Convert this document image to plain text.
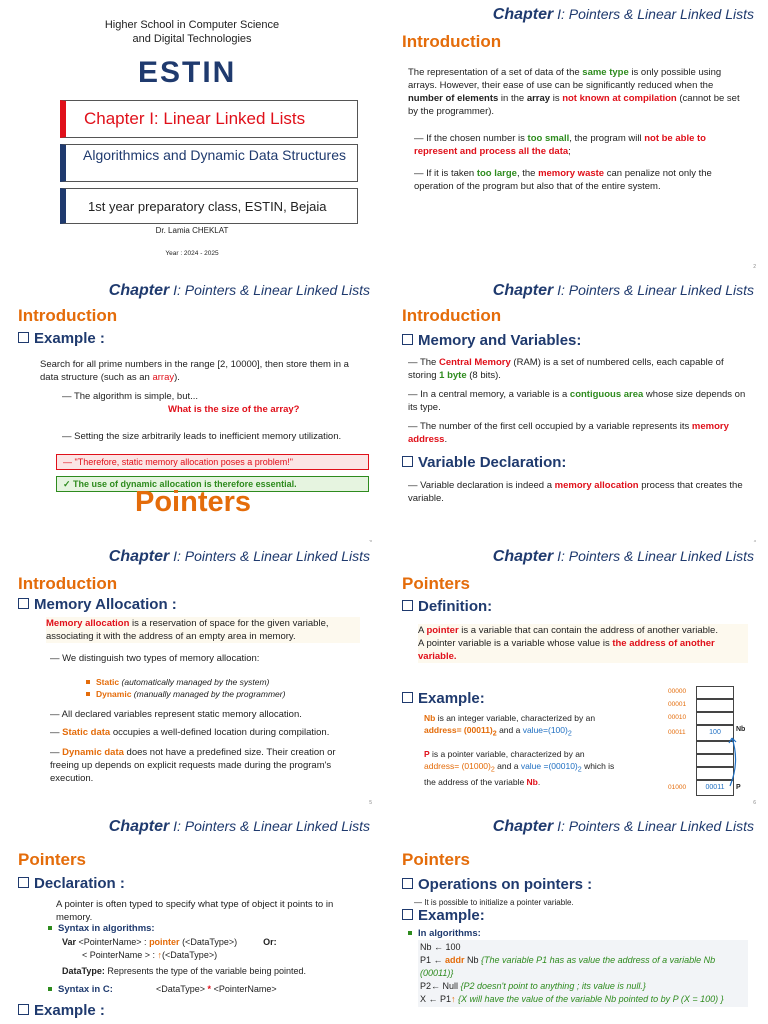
Higher School in Computer Science
and Digital Technologies
ESTIN
Chapter I: Linear Linked Lists
Algorithmics and Dynamic Data Structures
1st year preparatory class, ESTIN, Bejaia
Dr. Lamia CHEKLAT
Year : 2024 - 2025
Chapter I: Pointers & Linear Linked Lists
Introduction
The representation of a set of data of the same type is only possible using arrays. However, their ease of use can be significantly reduced when the number of elements in the array is not known at compilation (cannot be set by the programmer).
— If the chosen number is too small, the program will not be able to represent and process all the data;
— If it is taken too large, the memory waste can penalize not only the operation of the program but also that of the entire system.
2
Chapter I: Pointers & Linear Linked Lists
Introduction
Example :
Search for all prime numbers in the range [2, 10000], then store them in a data structure (such as an array).
— The algorithm is simple, but...
What is the size of the array?
— Setting the size arbitrarily leads to inefficient memory utilization.
— "Therefore, static memory allocation poses a problem!"
✓ The use of dynamic allocation is therefore essential.
Pointers
Chapter I: Pointers & Linear Linked Lists
Introduction
Memory and Variables:
— The Central Memory (RAM) is a set of numbered cells, each capable of storing 1 byte (8 bits).
— In a central memory, a variable is a contiguous area whose size depends on its type.
— The number of the first cell occupied by a variable represents its memory address.
Variable Declaration:
— Variable declaration is indeed a memory allocation process that creates the variable.
Chapter I: Pointers & Linear Linked Lists
Introduction
Memory Allocation :
Memory allocation is a reservation of space for the given variable, associating it with the address of an empty area in memory.
— We distinguish two types of memory allocation:
Static (automatically managed by the system)
Dynamic (manually managed by the programmer)
— All declared variables represent static memory allocation.
— Static data occupies a well-defined location during compilation.
— Dynamic data does not have a predefined size. Their creation or freeing up depends on explicit requests made during the program's execution.
5
Chapter I: Pointers & Linear Linked Lists
Pointers
Definition:
A pointer is a variable that can contain the address of another variable.
A pointer variable is a variable whose value is the address of another variable.
Example:
Nb is an integer variable, characterized by an address= $(00011)_2$ and a $value=(100)_2$
P is a pointer variable, characterized by an address= $(01000)_2$ and a value $=(00010)_2$ which is the address of the variable Nb.
00000
00001
00010
00011
01000
100
00011
Nb
P
6
Chapter I: Pointers & Linear Linked Lists
Pointers
Declaration :
A pointer is often typed to specify what type of object it points to in memory.
Syntax in algorithms:
Var <PointerName> : pointer (<DataType>)	Or:
< PointerName > : ↑(<DataType>)
DataType: Represents the type of the variable being pointed.
Syntax in C:	<DataType> * <PointerName>
Example :
Chapter I: Pointers & Linear Linked Lists
Pointers
Operations on pointers :
— It is possible to initialize a pointer variable.
Example:
In algorithms:
Nb ← 100
P1 ← addr Nb {The variable P1 has as value the address of a variable Nb (00011)}
P2← Null {P2 doesn't point to anything ; its value is null.}
X ← P1↑ {X will have the value of the variable Nb pointed to by P (X = 100) }
